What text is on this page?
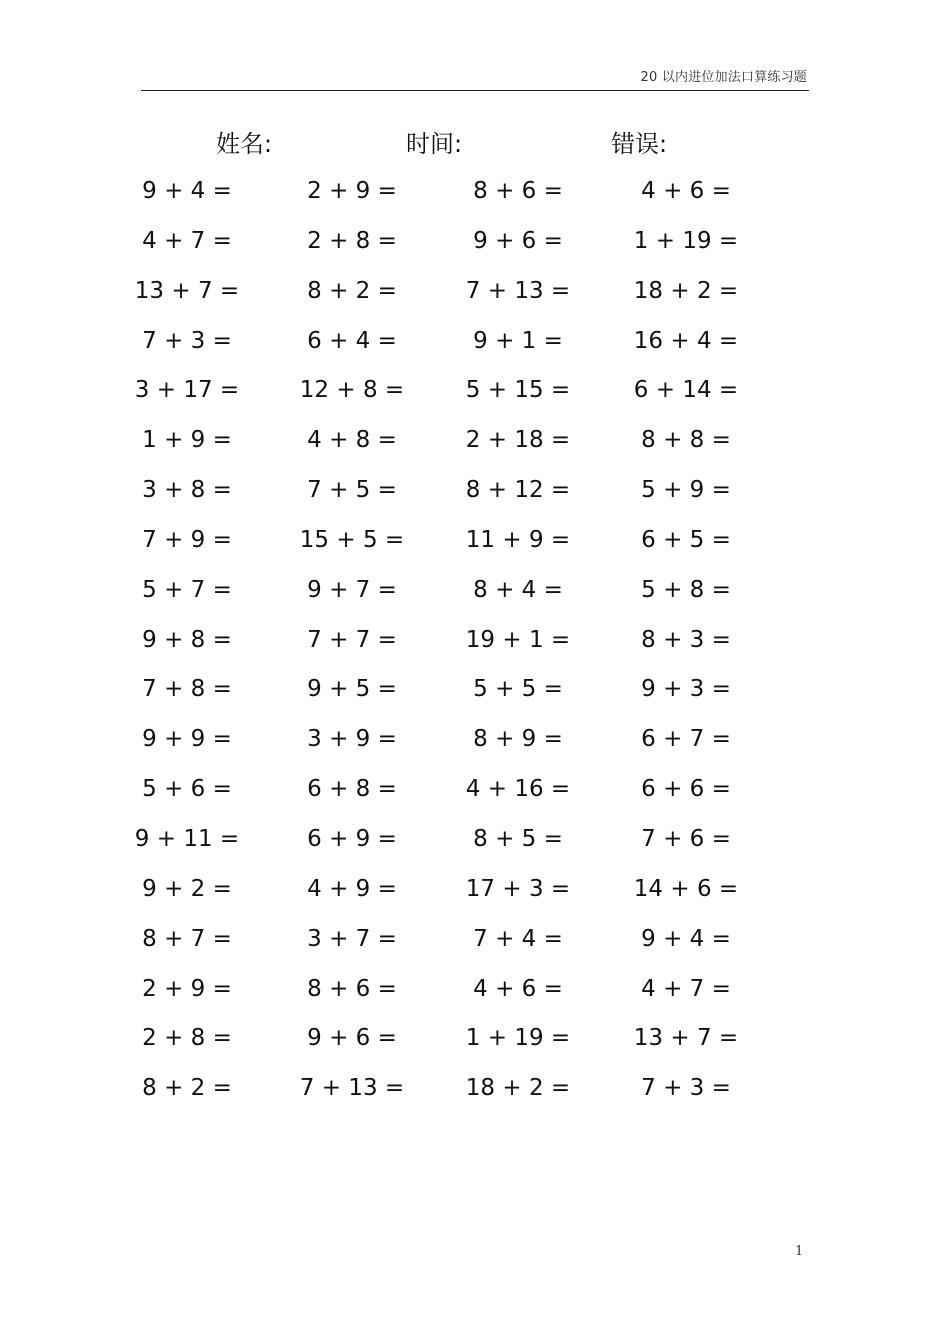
20 以内进位加法口算练习题
姓名:	时间:	错误:
9 + 4 =	2 + 9 =	8 + 6 =	4 + 6 =
4 + 7 =	2 + 8 =	9 + 6 =	1 + 19 =
13 + 7 =	8 + 2 =	7 + 13 =	18 + 2 =
7 + 3 =	6 + 4 =	9 + 1 =	16 + 4 =
3 + 17 =	12 + 8 =	5 + 15 =	6 + 14 =
1 + 9 =	4 + 8 =	2 + 18 =	8 + 8 =
3 + 8 =	7 + 5 =	8 + 12 =	5 + 9 =
7 + 9 =	15 + 5 =	11 + 9 =	6 + 5 =
5 + 7 =	9 + 7 =	8 + 4 =	5 + 8 =
9 + 8 =	7 + 7 =	19 + 1 =	8 + 3 =
7 + 8 =	9 + 5 =	5 + 5 =	9 + 3 =
9 + 9 =	3 + 9 =	8 + 9 =	6 + 7 =
5 + 6 =	6 + 8 =	4 + 16 =	6 + 6 =
9 + 11 =	6 + 9 =	8 + 5 =	7 + 6 =
9 + 2 =	4 + 9 =	17 + 3 =	14 + 6 =
8 + 7 =	3 + 7 =	7 + 4 =	9 + 4 =
2 + 9 =	8 + 6 =	4 + 6 =	4 + 7 =
2 + 8 =	9 + 6 =	1 + 19 =	13 + 7 =
8 + 2 =	7 + 13 =	18 + 2 =	7 + 3 =
1
